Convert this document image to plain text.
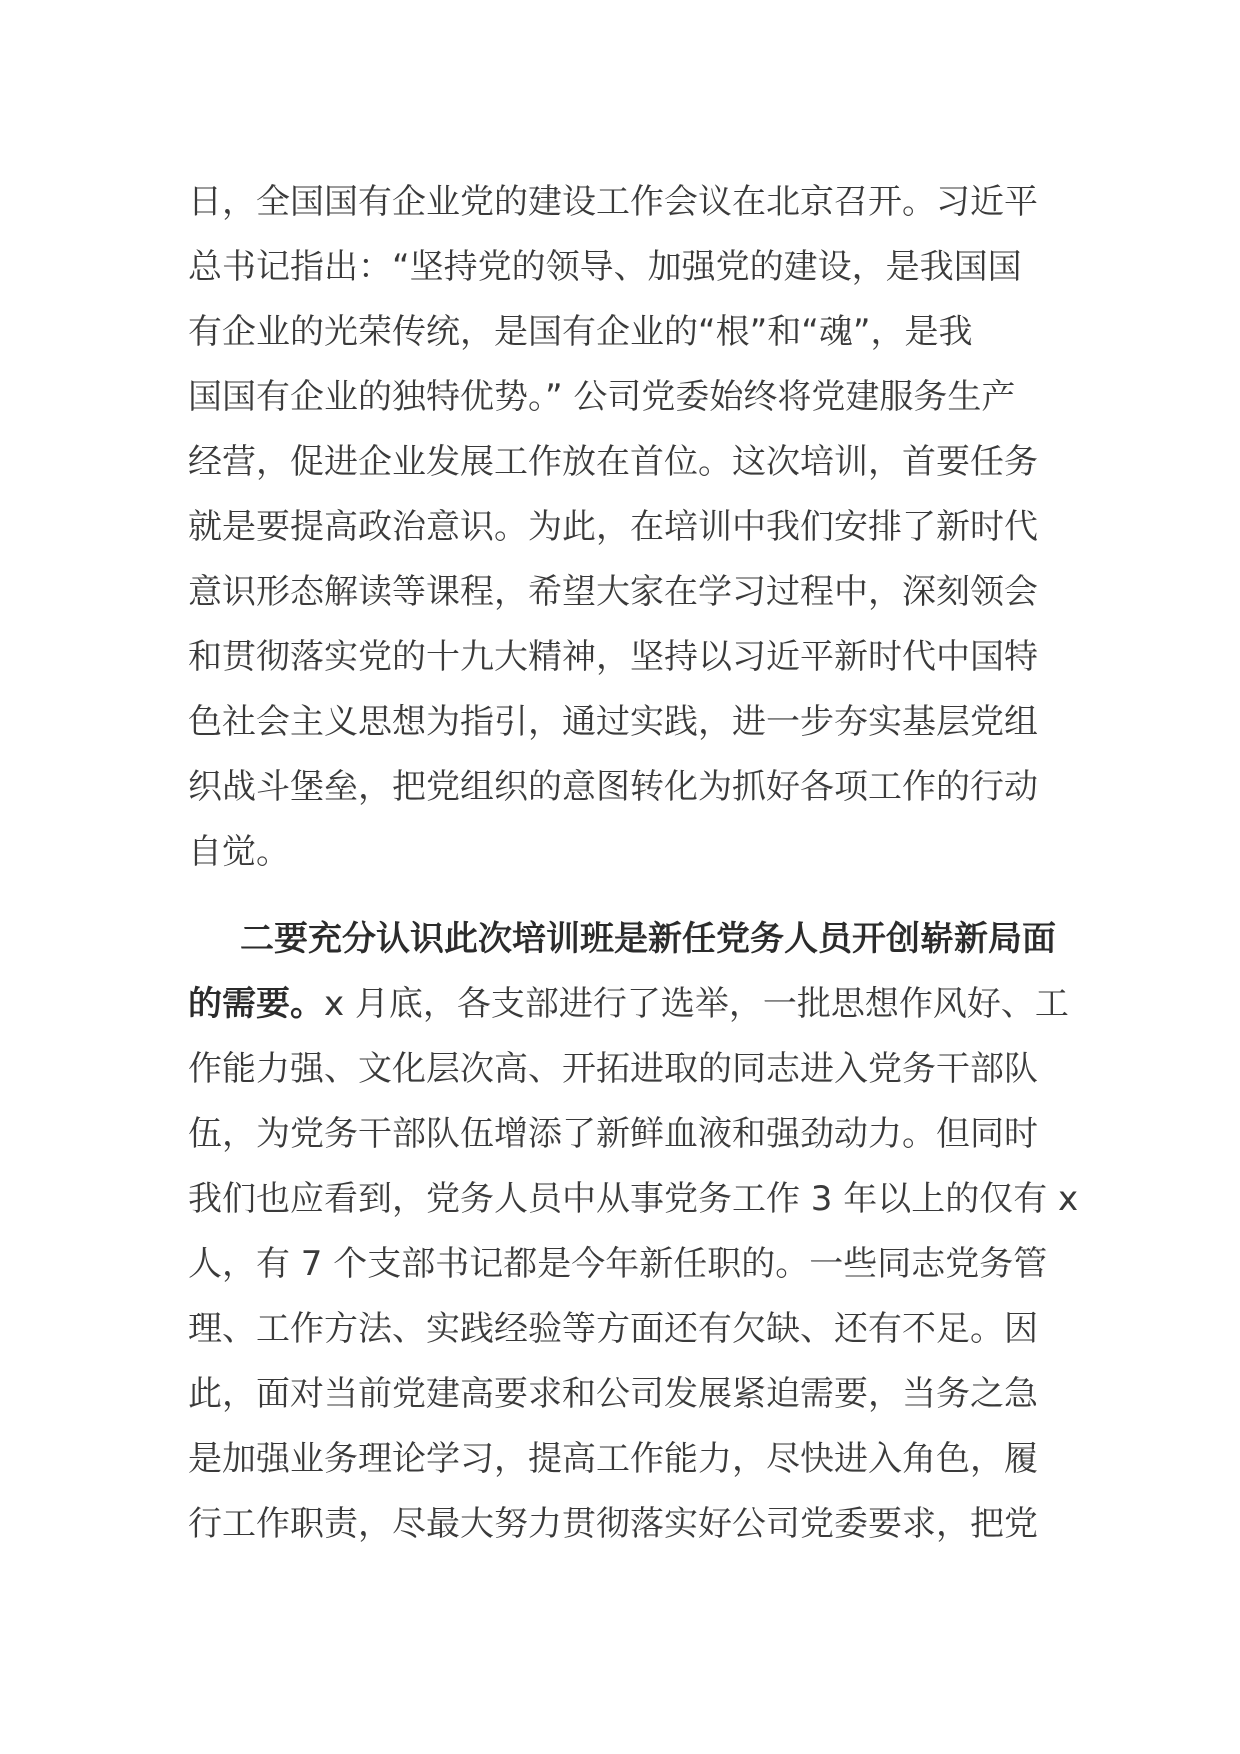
日，全国国有企业党的建设工作会议在北京召开。习近平
总书记指出：“坚持党的领导、加强党的建设，是我国国
有企业的光荣传统，是国有企业的“根”和“魂”，是我
国国有企业的独特优势。” 公司党委始终将党建服务生产
经营，促进企业发展工作放在首位。这次培训，首要任务
就是要提高政治意识。为此，在培训中我们安排了新时代
意识形态解读等课程，希望大家在学习过程中，深刻领会
和贯彻落实党的十九大精神，坚持以习近平新时代中国特
色社会主义思想为指引，通过实践，进一步夯实基层党组
织战斗堡垒，把党组织的意图转化为抓好各项工作的行动
自觉。
二要充分认识此次培训班是新任党务人员开创崭新局面
的需要。x 月底，各支部进行了选举，一批思想作风好、工
作能力强、文化层次高、开拓进取的同志进入党务干部队
伍，为党务干部队伍增添了新鲜血液和强劲动力。但同时
我们也应看到，党务人员中从事党务工作 3 年以上的仅有 x
人，有 7 个支部书记都是今年新任职的。一些同志党务管
理、工作方法、实践经验等方面还有欠缺、还有不足。因
此，面对当前党建高要求和公司发展紧迫需要，当务之急
是加强业务理论学习，提高工作能力，尽快进入角色，履
行工作职责，尽最大努力贯彻落实好公司党委要求，把党
